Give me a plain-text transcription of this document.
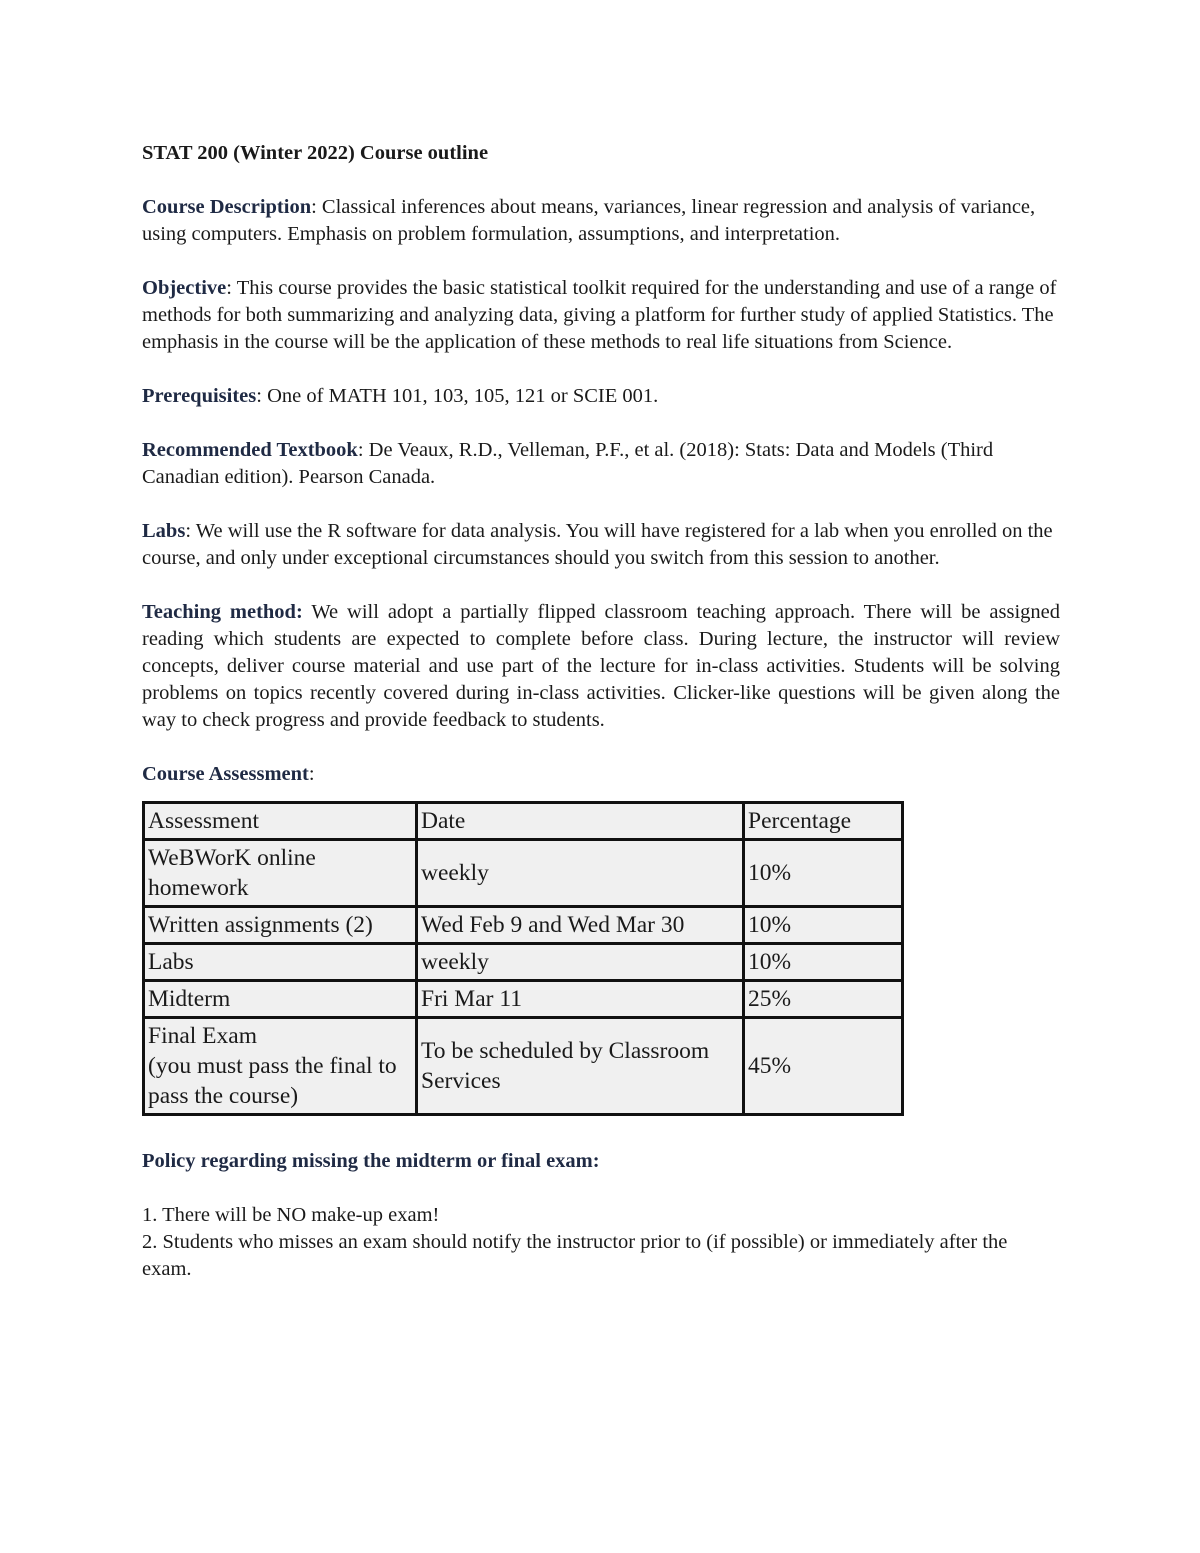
STAT 200 (Winter 2022) Course outline
Course Description: Classical inferences about means, variances, linear regression and analysis of variance, using computers. Emphasis on problem formulation, assumptions, and interpretation.
Objective: This course provides the basic statistical toolkit required for the understanding and use of a range of methods for both summarizing and analyzing data, giving a platform for further study of applied Statistics. The emphasis in the course will be the application of these methods to real life situations from Science.
Prerequisites: One of MATH 101, 103, 105, 121 or SCIE 001.
Recommended Textbook: De Veaux, R.D., Velleman, P.F., et al. (2018): Stats: Data and Models (Third Canadian edition). Pearson Canada.
Labs: We will use the R software for data analysis. You will have registered for a lab when you enrolled on the course, and only under exceptional circumstances should you switch from this session to another.
Teaching method: We will adopt a partially flipped classroom teaching approach. There will be assigned reading which students are expected to complete before class. During lecture, the instructor will review concepts, deliver course material and use part of the lecture for in-class activities. Students will be solving problems on topics recently covered during in-class activities. Clicker-like questions will be given along the way to check progress and provide feedback to students.
Course Assessment:
Assessment	Date	Percentage
WeBWorK online homework	weekly	10%
Written assignments (2)	Wed Feb 9 and Wed Mar 30	10%
Labs	weekly	10%
Midterm	Fri Mar 11	25%

Final Exam
(you must pass the final to pass the course)	To be scheduled by Classroom Services	45%
Policy regarding missing the midterm or final exam:
1. There will be NO make-up exam!
2. Students who misses an exam should notify the instructor prior to (if possible) or immediately after the exam.
